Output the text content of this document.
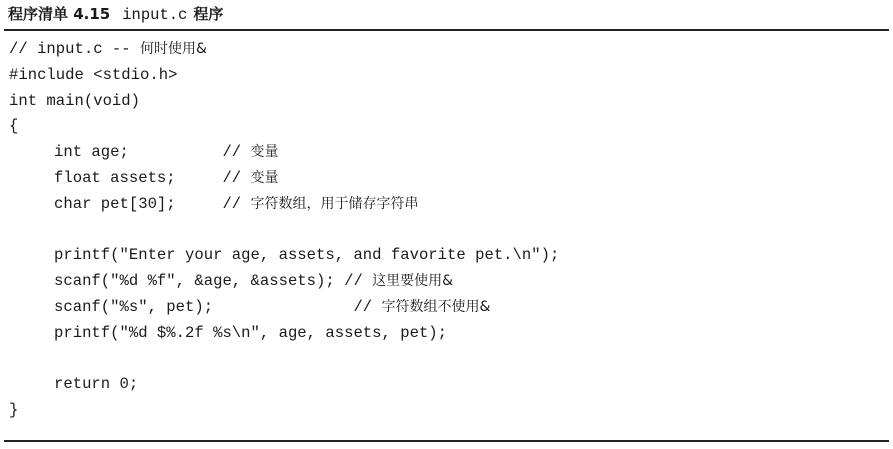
程序清单 4.15 input.c 程序
// input.c -- 何时使用&
#include <stdio.h>
int main(void)
{
int age;          // 变量
float assets;     // 变量
char pet[30];     // 字符数组，用于储存字符串
printf("Enter your age, assets, and favorite pet.\n");
scanf("%d %f", &age, &assets); // 这里要使用&
scanf("%s", pet);               // 字符数组不使用&
printf("%d $%.2f %s\n", age, assets, pet);
return 0;
}
